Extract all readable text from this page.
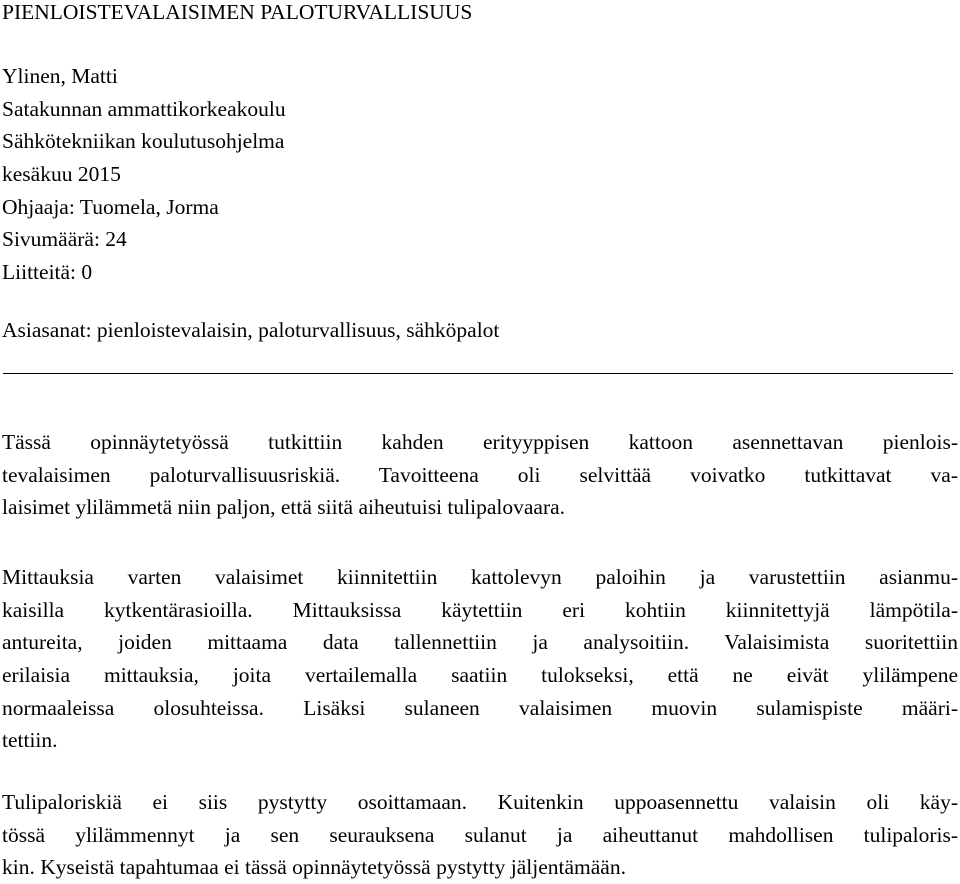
PIENLOISTEVALAISIMEN PALOTURVALLISUUS
Ylinen, Matti
Satakunnan ammattikorkeakoulu
Sähkötekniikan koulutusohjelma
kesäkuu 2015
Ohjaaja: Tuomela, Jorma
Sivumäärä: 24
Liitteitä: 0
Asiasanat: pienloistevalaisin, paloturvallisuus, sähköpalot
Tässä opinnäytetyössä tutkittiin kahden erityyppisen kattoon asennettavan pienlois-
tevalaisimen paloturvallisuusriskiä. Tavoitteena oli selvittää voivatko tutkittavat va-
laisimet ylilämmetä niin paljon, että siitä aiheutuisi tulipalovaara.
Mittauksia varten valaisimet kiinnitettiin kattolevyn paloihin ja varustettiin asianmu-
kaisilla kytkentärasioilla. Mittauksissa käytettiin eri kohtiin kiinnitettyjä lämpötila-
antureita, joiden mittaama data tallennettiin ja analysoitiin. Valaisimista suoritettiin
erilaisia mittauksia, joita vertailemalla saatiin tulokseksi, että ne eivät ylilämpene
normaaleissa olosuhteissa. Lisäksi sulaneen valaisimen muovin sulamispiste määri-
tettiin.
Tulipaloriskiä ei siis pystytty osoittamaan. Kuitenkin uppoasennettu valaisin oli käy-
tössä ylilämmennyt ja sen seurauksena sulanut ja aiheuttanut mahdollisen tulipaloris-
kin. Kyseistä tapahtumaa ei tässä opinnäytetyössä pystytty jäljentämään.
